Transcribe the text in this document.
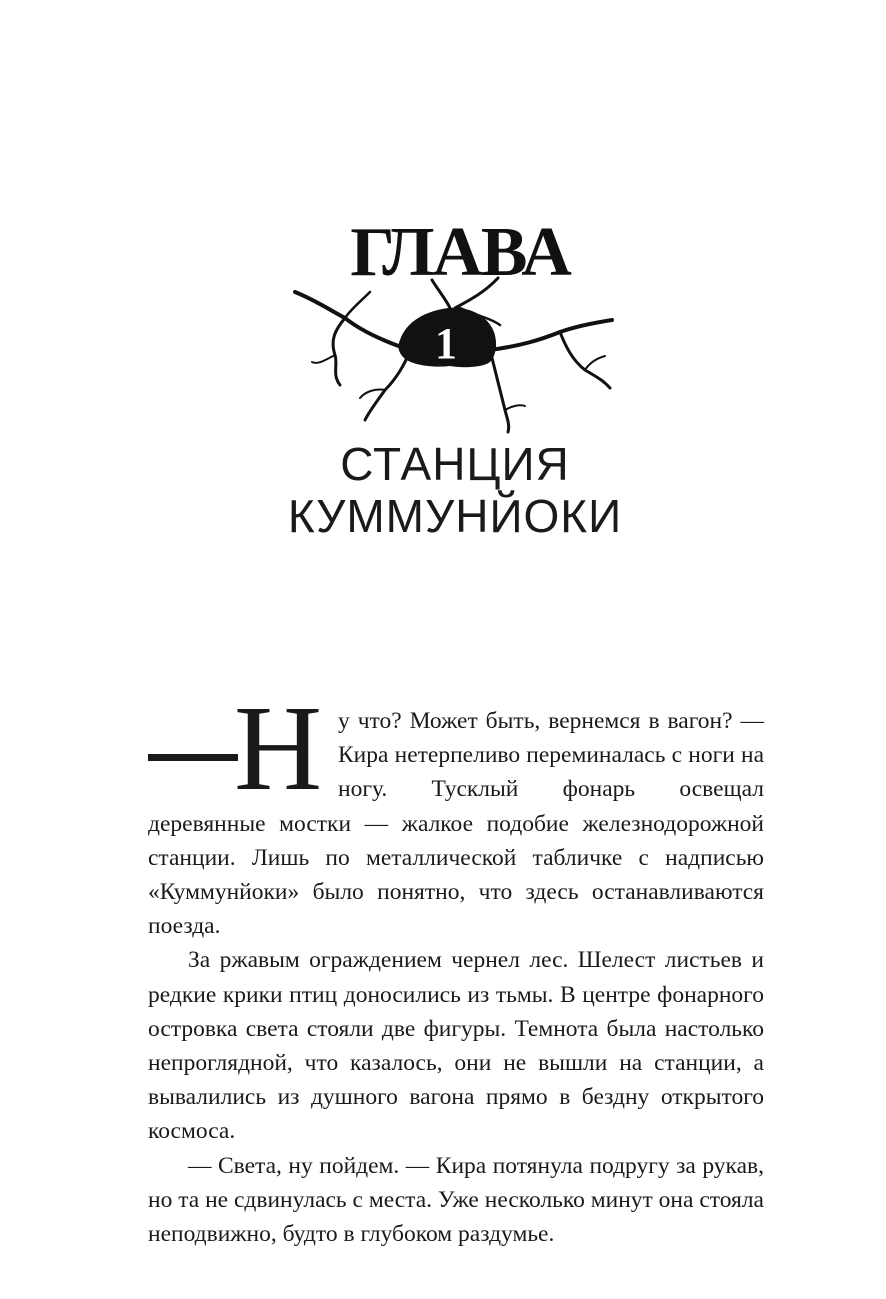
ГЛАВА
1
СТАНЦИЯ
КУММУНЙОКИ

Н у что? Может быть, вернемся в вагон? — Кира нетерпеливо переминалась с ноги на ногу. Тусклый фонарь освещал деревянные мостки — жалкое подобие железнодорожной станции. Лишь по металлической табличке с надписью «Куммунйоки» было понятно, что здесь останавливаются поезда.

За ржавым ограждением чернел лес. Шелест листьев и редкие крики птиц доносились из тьмы. В центре фонарного островка света стояли две фигуры. Темнота была настолько непроглядной, что казалось, они не вышли на станции, а вывалились из душного вагона прямо в бездну открытого космоса.

— Света, ну пойдем. — Кира потянула подругу за рукав, но та не сдвинулась с места. Уже несколько минут она стояла неподвижно, будто в глубоком раздумье.
